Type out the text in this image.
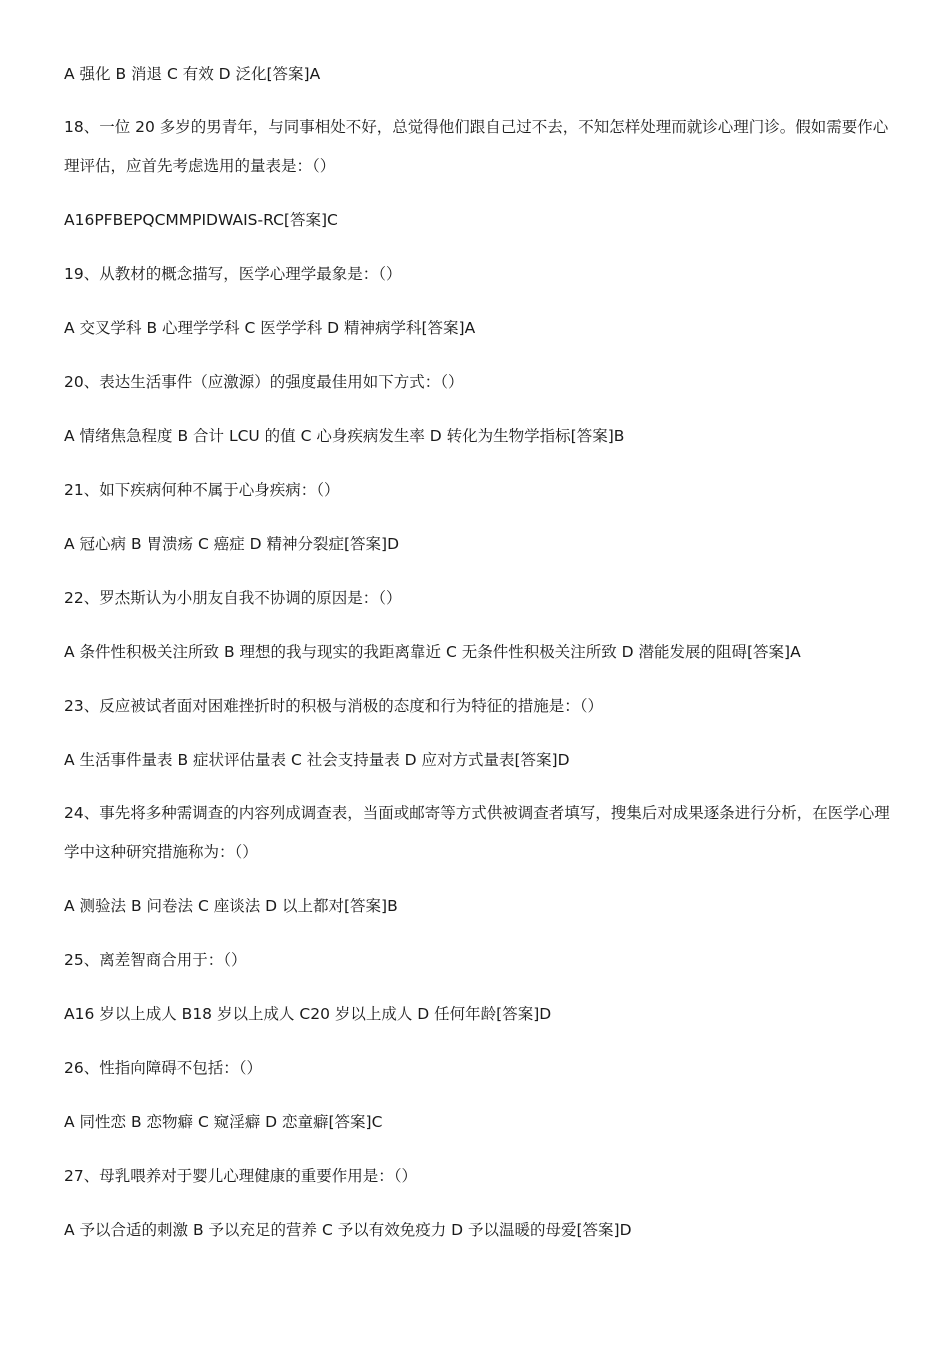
A 强化 B 消退 C 有效 D 泛化[答案]A
18、一位 20 多岁的男青年，与同事相处不好，总觉得他们跟自己过不去，不知怎样处理而就诊心理门诊。假如需要作心理评估，应首先考虑选用的量表是：（）
A16PFBEPQCMMPIDWAIS-RC[答案]C
19、从教材的概念描写，医学心理学最象是：（）
A 交叉学科 B 心理学学科 C 医学学科 D 精神病学科[答案]A
20、表达生活事件（应激源）的强度最佳用如下方式：（）
A 情绪焦急程度 B 合计 LCU 的值 C 心身疾病发生率 D 转化为生物学指标[答案]B
21、如下疾病何种不属于心身疾病：（）
A 冠心病 B 胃溃疡 C 癌症 D 精神分裂症[答案]D
22、罗杰斯认为小朋友自我不协调的原因是：（）
A 条件性积极关注所致 B 理想的我与现实的我距离靠近 C 无条件性积极关注所致 D 潜能发展的阻碍[答案]A
23、反应被试者面对困难挫折时的积极与消极的态度和行为特征的措施是：（）
A 生活事件量表 B 症状评估量表 C 社会支持量表 D 应对方式量表[答案]D
24、事先将多种需调查的内容列成调查表，当面或邮寄等方式供被调查者填写，搜集后对成果逐条进行分析，在医学心理学中这种研究措施称为：（）
A 测验法 B 问卷法 C 座谈法 D 以上都对[答案]B
25、离差智商合用于：（）
A16 岁以上成人 B18 岁以上成人 C20 岁以上成人 D 任何年龄[答案]D
26、性指向障碍不包括：（）
A 同性恋 B 恋物癖 C 窥淫癖 D 恋童癖[答案]C
27、母乳喂养对于婴儿心理健康的重要作用是：（）
A 予以合适的刺激 B 予以充足的营养 C 予以有效免疫力 D 予以温暖的母爱[答案]D
